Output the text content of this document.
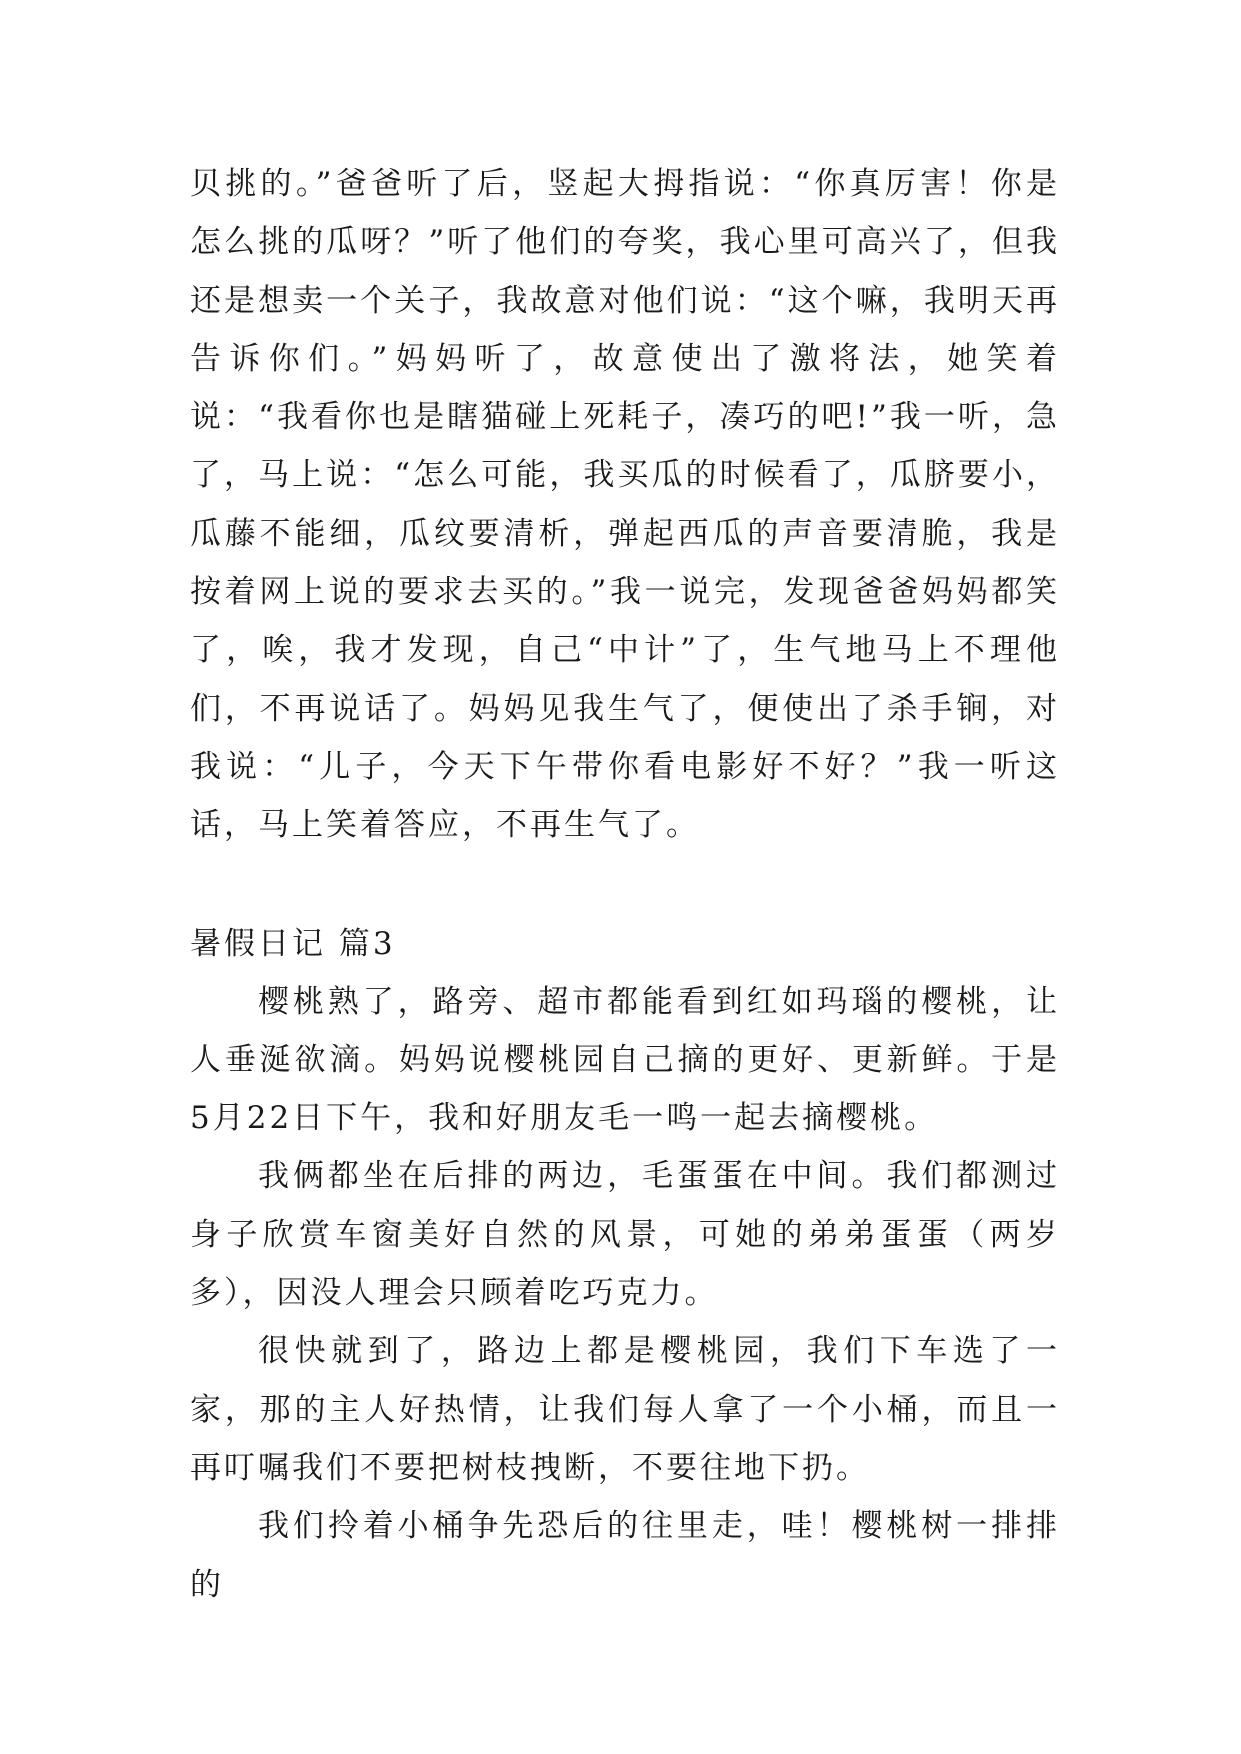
贝挑的。”爸爸听了后，竖起大拇指说：“你真厉害！你是怎么挑的瓜呀？”听了他们的夸奖，我心里可高兴了，但我还是想卖一个关子，我故意对他们说：“这个嘛，我明天再告诉你们。”妈妈听了，故意使出了激将法，她笑着说：“我看你也是瞎猫碰上死耗子，凑巧的吧!”我一听，急了，马上说：“怎么可能，我买瓜的时候看了，瓜脐要小，瓜藤不能细，瓜纹要清析，弹起西瓜的声音要清脆，我是按着网上说的要求去买的。”我一说完，发现爸爸妈妈都笑了，唉，我才发现，自己“中计”了，生气地马上不理他们，不再说话了。妈妈见我生气了，便使出了杀手锏，对我说：“儿子，今天下午带你看电影好不好？”我一听这话，马上笑着答应，不再生气了。

暑假日记 篇3

樱桃熟了，路旁、超市都能看到红如玛瑙的樱桃，让人垂涎欲滴。妈妈说樱桃园自己摘的更好、更新鲜。于是5月22日下午，我和好朋友毛一鸣一起去摘樱桃。

我俩都坐在后排的两边，毛蛋蛋在中间。我们都测过身子欣赏车窗美好自然的风景，可她的弟弟蛋蛋（两岁多），因没人理会只顾着吃巧克力。

很快就到了，路边上都是樱桃园，我们下车选了一家，那的主人好热情，让我们每人拿了一个小桶，而且一再叮嘱我们不要把树枝拽断，不要往地下扔。

我们拎着小桶争先恐后的往里走，哇！樱桃树一排排的
